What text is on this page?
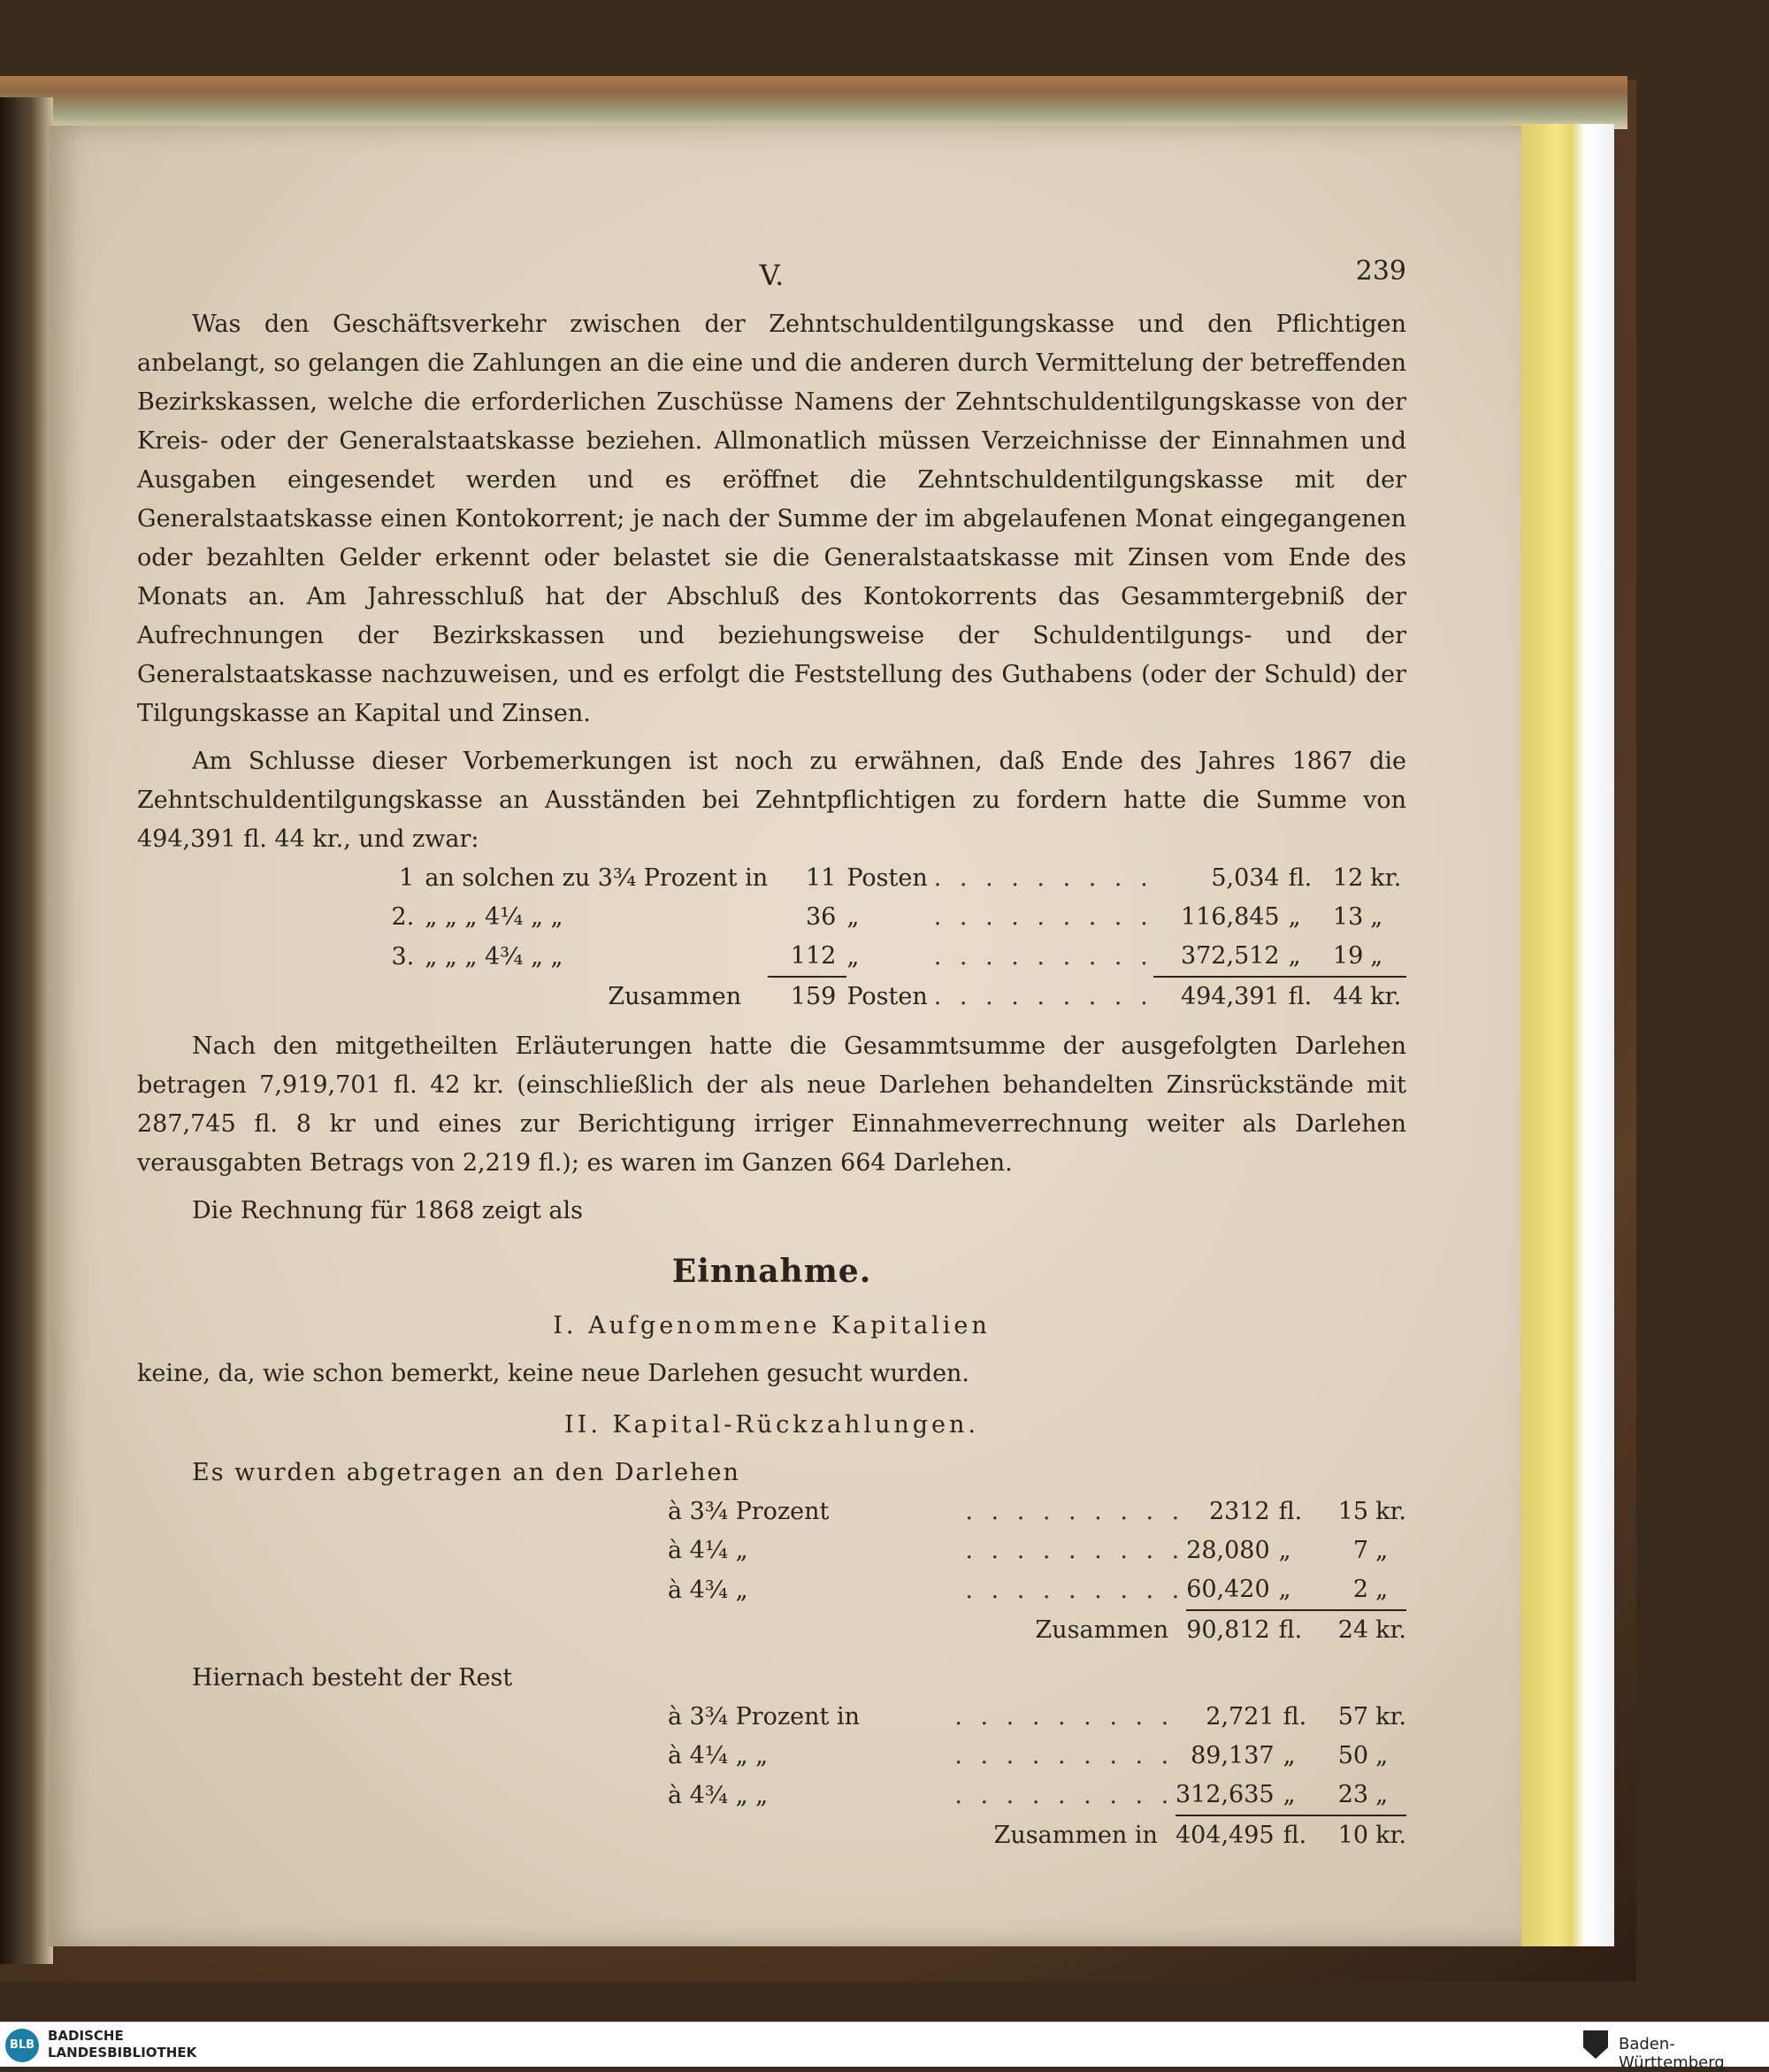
V.	239

Was den Geschäftsverkehr zwischen der Zehntschuldentilgungskasse und den Pflichtigen anbelangt, so gelangen die Zahlungen an die eine und die anderen durch Vermittelung der betreffenden Bezirkskassen, welche die erforderlichen Zuschüsse Namens der Zehntschuldentilgungskasse von der Kreis- oder der Generalstaatskasse beziehen. Allmonatlich müssen Verzeichnisse der Einnahmen und Ausgaben eingesendet werden und es eröffnet die Zehntschuldentilgungskasse mit der Generalstaatskasse einen Kontokorrent; je nach der Summe der im abgelaufenen Monat eingegangenen oder bezahlten Gelder erkennt oder belastet sie die Generalstaatskasse mit Zinsen vom Ende des Monats an. Am Jahresschluß hat der Abschluß des Kontokorrents das Gesammtergebniß der Aufrechnungen der Bezirkskassen und beziehungsweise der Schuldentilgungs- und der Generalstaatskasse nachzuweisen, und es erfolgt die Feststellung des Guthabens (oder der Schuld) der Tilgungskasse an Kapital und Zinsen.

Am Schlusse dieser Vorbemerkungen ist noch zu erwähnen, daß Ende des Jahres 1867 die Zehntschuldentilgungskasse an Ausständen bei Zehntpflichtigen zu fordern hatte die Summe von 494,391 fl. 44 kr., und zwar:

	1	an solchen zu 3¾ Prozent in	11	Posten	. . . . . . . . .	5,034	fl.	12	kr.
	2.	„ „ „ 4¼ „ „	36	„	. . . . . . . . .	116,845	„	13	„
	3.	„ „ „ 4¾ „ „	112	„	. . . . . . . . .	372,512	„	19	„
		Zusammen	159	Posten	. . . . . . . . .	494,391	fl.	44	kr.

Nach den mitgetheilten Erläuterungen hatte die Gesammtsumme der ausgefolgten Darlehen betragen 7,919,701 fl. 42 kr. (einschließlich der als neue Darlehen behandelten Zinsrückstände mit 287,745 fl. 8 kr und eines zur Berichtigung irriger Einnahmeverrechnung weiter als Darlehen verausgabten Betrags von 2,219 fl.); es waren im Ganzen 664 Darlehen.

Die Rechnung für 1868 zeigt als

Einnahme.
I. Aufgenommene Kapitalien

keine, da, wie schon bemerkt, keine neue Darlehen gesucht wurden.

II. Kapital-Rückzahlungen.

Es wurden abgetragen an den Darlehen

à 3¾ Prozent	. . . . . . . . .	2312	fl.	15	kr.
à 4¼ „	. . . . . . . . .	28,080	„	7	„
à 4¾ „	. . . . . . . . .	60,420	„	2	„
Zusammen		90,812	fl.	24	kr.

Hiernach besteht der Rest

à 3¾ Prozent in	. . . . . . . . .	2,721	fl.	57	kr.
à 4¼ „ „	. . . . . . . . .	89,137	„	50	„
à 4¾ „ „	. . . . . . . . .	312,635	„	23	„
Zusammen in		404,495	fl.	10	kr.
BLB
BADISCHE
LANDESBIBLIOTHEK	Baden-Württemberg
